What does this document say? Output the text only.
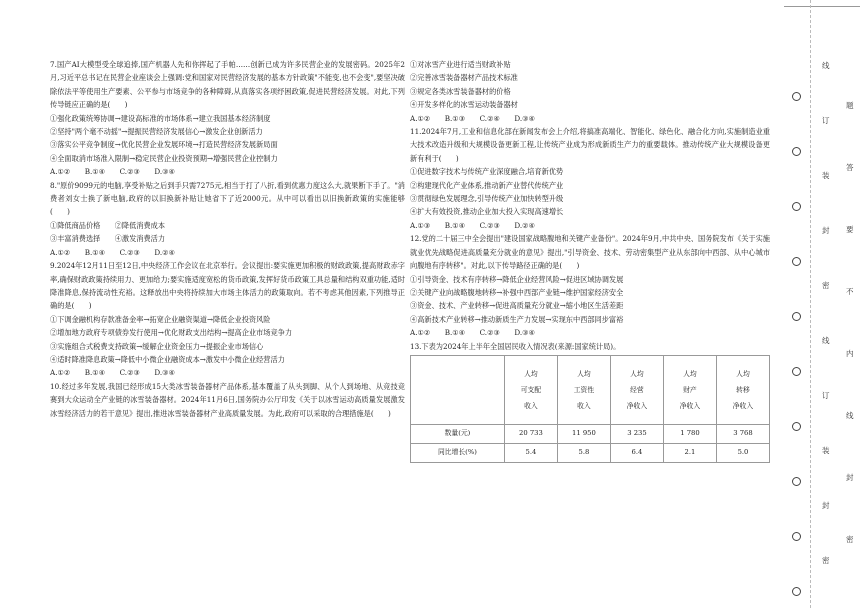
7.国产AI大模型受全球追捧,国产机器人先和你挥起了手帕……创新已成为许多民营企业的发展密码。2025年2月,习近平总书记在民营企业座谈会上强调:党和国家对民营经济发展的基本方针政策"不能变,也不会变",要坚决破除依法平等使用生产要素、公平参与市场竞争的各种障碍,从真落实各项纾困政策,促进民营经济发展。对此,下列传导链应正确的是(　　)
①强化政策统筹协调→建设高标准的市场体系→建立我国基本经济制度
②坚持"两个毫不动摇"→提振民营经济发展信心→激发企业创新活力
③落实公平竞争制度→优化民营企业发展环境→打造民营经济发展新局面
④全面取消市场准入限制→稳定民营企业投资预期→增强民营企业控制力
A.①②　　B.①④　　C.②③　　D.③④
8."原价9099元的电脑,享受补贴之后到手只需7275元,相当于打了八折,看到优惠力度这么大,就果断下手了。"消费者刘女士换了新电脑,政府的以旧换新补贴让她省下了近2000元。从中可以看出以旧换新政策的实施能够(　　)
①降低商品价格　　②降低消费成本
③丰富消费选择　　④激发消费活力
A.①②　　B.①④　　C.②③　　D.②④
9.2024年12月11日至12日,中央经济工作会议在北京举行。会议提出:要实施更加积极的财政政策,提高财政赤字率,确保财政政策持续用力、更加给力;要实施适度宽松的货币政策,发挥好货币政策工具总量和结构双重功能,适时降准降息,保持流动性充裕。这释放出中央将持续加大市场主体活力的政策取向。若不考虑其他因素,下列推导正确的是(　　)
①下调金融机构存款准备金率→拓宽企业融资渠道→降低企业投资风险
②增加地方政府专项债券发行使用→优化财政支出结构→提高企业市场竞争力
③实施组合式税费支持政策→缓解企业资金压力→提振企业市场信心
④适时降准降息政策→降低中小微企业融资成本→激发中小微企业经营活力
A.①②　　B.①④　　C.②③　　D.③④
10.经过多年发展,我国已经形成15大类冰雪装备器材产品体系,基本覆盖了从头到脚、从个人到场地、从竞技竞赛到大众运动全产业链的冰雪装备器材。2024年11月6日,国务院办公厅印发《关于以冰雪运动高质量发展激发冰雪经济活力的若干意见》提出,推进冰雪装备器材产业高质量发展。为此,政府可以采取的合理措施是(　　)
①对冰雪产业进行适当财政补贴
②完善冰雪装备器材产品技术标准
③规定各类冰雪装备器材的价格
④开发多样化的冰雪运动装备器材
A.①②　　B.①③　　C.②④　　D.③④
11.2024年7月,工业和信息化部在新闻发布会上介绍,将搞准高端化、智能化、绿色化、融合化方向,实施制造业重大技术改造升级和大规模设备更新工程,让传统产业成为形成新质生产力的重要载体。推动传统产业大规模设备更新有利于(　　)
①促进数字技术与传统产业深度融合,培育新优势
②构建现代化产业体系,推动新产业替代传统产业
③贯彻绿色发展理念,引导传统产业加快转型升级
④扩大有效投资,推动企业加大投入实现高速增长
A.①③　　B.①④　　C.②③　　D.②④
12.党的二十届三中全会提出"建设国家战略腹地和关键产业备份"。2024年9月,中共中央、国务院发布《关于实施就业优先战略促进高质量充分就业的意见》提出,"引导资金、技术、劳动密集型产业从东部向中西部、从中心城市向腹地有序转移"。对此,以下传导路径正确的是(　　)
①引导资金、技术有序转移→降低企业经营风险→促进区域协调发展
②关键产业向战略腹地转移→补强中西部产业链→维护国家经济安全
③资金、技术、产业转移→促进高质量充分就业→缩小地区生活差距
④高新技术产业转移→推动新质生产力发展→实现东中西部同步富裕
A.①②　　B.①④　　C.②③　　D.③④
13.下表为2024年上半年全国居民收入情况表(来源:国家统计局)。
	人均
可支配
收入	人均
工资性
收入	人均
经营
净收入	人均
财产
净收入	人均
转移
净收入
数量(元)	20 733	11 950	3 235	1 780	3 768
同比增长(%)	5.4	5.8	6.4	2.1	5.0
线
订
装
封
密
线
订
装
封
密
题
答
要
不
内
线
封
密
